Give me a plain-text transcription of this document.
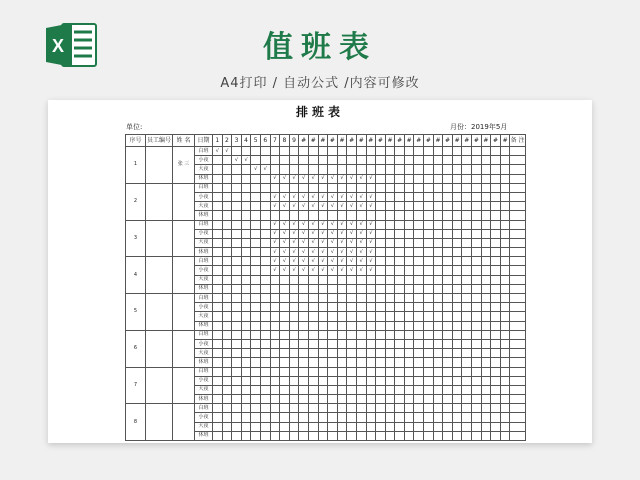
X	值班表
A4打印 / 自动公式 /内容可修改
排班表
单位:	月份：2019年5月
序号	员工编号	姓 名	日期	1	2	3	4	5	6	7	8	9	#	#	#	#	#	#	#	#	#	#	#	#	#	#	#	#	#	#	#	#	#	#	备 注
1		张 三	白班	√	√																														
			小夜			√	√																												
			大夜					√	√																										
			休班							√	√	√	√	√	√	√	√	√	√	√															
2			白班																																
			小夜							√	√	√	√	√	√	√	√	√	√	√															
			大夜							√	√	√	√	√	√	√	√	√	√	√															
			休班																																
3			白班							√	√	√	√	√	√	√	√	√	√	√															
			小夜							√	√	√	√	√	√	√	√	√	√	√															
			大夜							√	√	√	√	√	√	√	√	√	√	√															
			休班							√	√	√	√	√	√	√	√	√	√	√															
4			白班							√	√	√	√	√	√	√	√	√	√	√															
			小夜							√	√	√	√	√	√	√	√	√	√	√															
			大夜																																
			休班																																
5			白班																																
			小夜																																
			大夜																																
			休班																																
6			白班																																
			小夜																																
			大夜																																
			休班																																
7			白班																																
			小夜																																
			大夜																																
			休班																																
8			白班																																
			小夜																																
			大夜																																
			休班																																
